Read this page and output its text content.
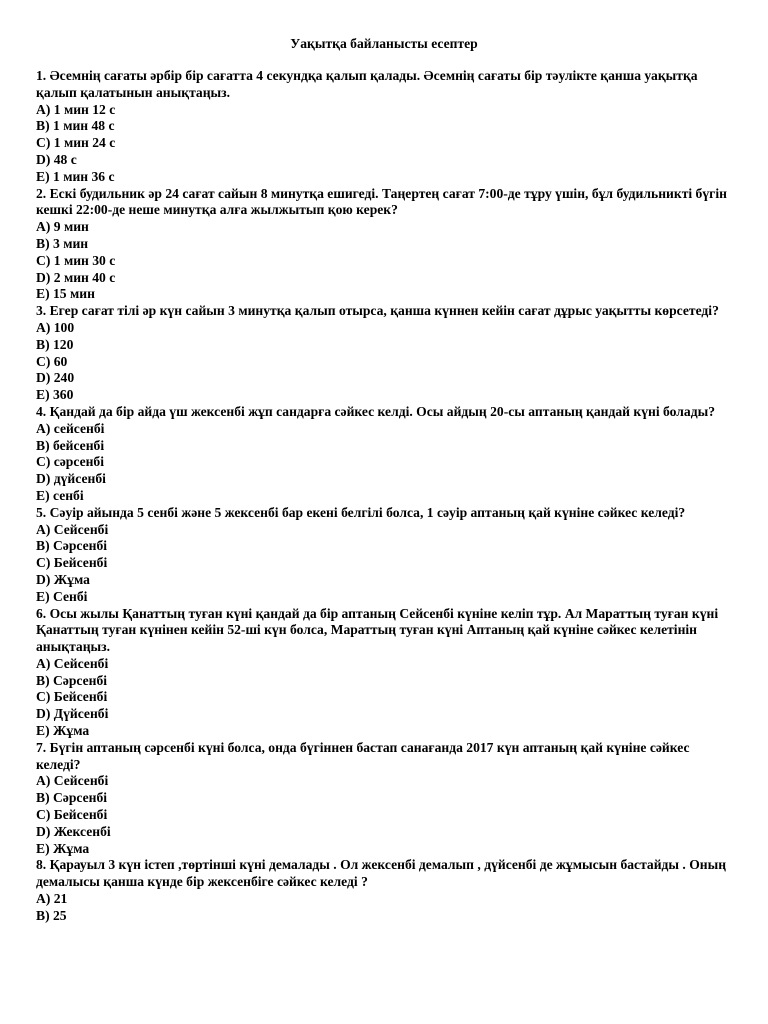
Уақытқа байланысты есептер

1. Әсемнің сағаты әрбір бір сағатта 4 секундқа қалып қалады. Әсемнің сағаты бір тәулікте қанша уақытқа қалып қалатынын анықтаңыз.

А) 1 мин 12 с

В) 1 мин 48 с

С) 1 мин 24 с

D) 48 с

Е) 1 мин 36 с

2. Ескі будильник әр 24 сағат сайын 8 минутқа ешигеді. Таңертең сағат 7:00-де тұру үшін, бұл будильникті бүгін кешкі 22:00-де неше минутқа алға жылжытып қою керек?

А) 9 мин

В) 3 мин

С) 1 мин 30 с

D) 2 мин 40 с

Е) 15 мин

3. Егер сағат тілі әр күн сайын 3 минутқа қалып отырса, қанша күннен кейін сағат дұрыс уақытты көрсетеді?

А) 100

В) 120

С) 60

D) 240

Е) 360

4. Қандай да бір айда үш жексенбі жұп сандарға сәйкес келді. Осы айдың 20-сы аптаның қандай күні болады?

А) сейсенбі

В) бейсенбі

С) сәрсенбі

D) дүйсенбі

Е) сенбі

5. Сәуір айында 5 сенбі және 5 жексенбі бар екені белгілі болса, 1 сәуір аптаның қай күніне сәйкес келеді?

А) Сейсенбі

В) Сәрсенбі

С) Бейсенбі

D) Жұма

Е) Сенбі

6. Осы жылы Қанаттың туған күні қандай да бір аптаның Сейсенбі күніне келіп тұр. Ал Мараттың туған күні Қанаттың туған күнінен кейін 52-ші күн болса, Мараттың туған күні Аптаның қай күніне сәйкес келетінін анықтаңыз.

А) Сейсенбі

В) Сәрсенбі

С) Бейсенбі

D) Дүйсенбі

Е) Жұма

7. Бүгін аптаның сәрсенбі күні болса, онда бүгіннен бастап санағанда 2017 күн аптаның қай күніне сәйкес келеді?

А) Сейсенбі

В) Сәрсенбі

С) Бейсенбі

D) Жексенбі

Е) Жұма

8. Қарауыл 3 күн істеп ,төртінші күні демалады . Ол жексенбі демалып , дүйсенбі де жұмысын бастайды . Оның демалысы қанша күнде бір жексенбіге сәйкес келеді ?

А) 21

В) 25
